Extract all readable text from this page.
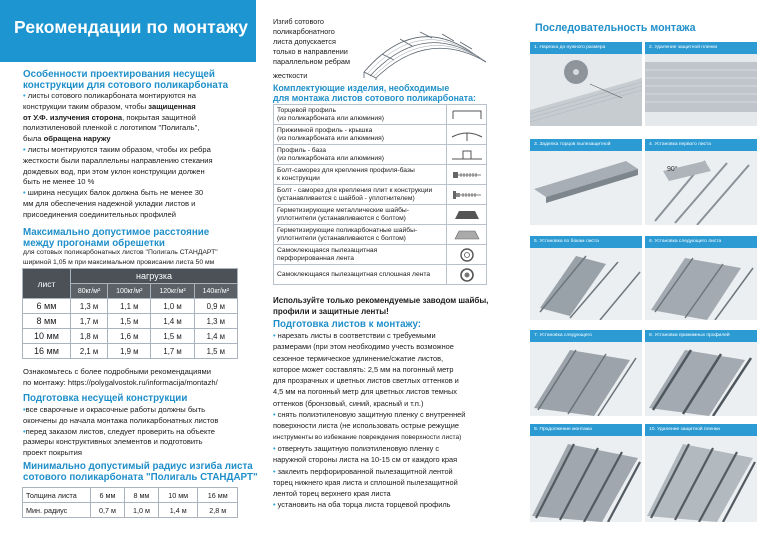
Рекомендации по монтажу
Особенности проектирования несущей
конструкции для сотового поликарбоната
• листы сотового поликарбоната монтируются на
конструкции таким образом, чтобы защищенная
от У.Ф. излучения сторона, покрытая защитной
полиэтиленовой пленкой с логотипом "Полигаль",
была обращена наружу
• листы монтируются таким образом, чтобы их ребра
жесткости были параллельны направлению стекания
дождевых вод, при этом уклон конструкции должен
быть не менее 10 %
• ширина несущих балок должна быть не менее 30
мм для обеспечения надежной укладки листов и
присоединения соединительных профилей
Максимально допустимое расстояние
между прогонами обрешетки
для сотовых поликарбонатных листов "Полигаль СТАНДАРТ"
шириной 1,05 м при максимальном провисании листа 50 мм
лист	нагрузка			
	80кг/м²	100кг/м²	120кг/м²	140кг/м²
6 мм	1,3 м	1,1 м	1,0 м	0,9 м
8 мм	1,7 м	1,5 м	1,4 м	1,3 м
10 мм	1,8 м	1,6 м	1,5 м	1,4 м
16 мм	2,1 м	1,9 м	1,7 м	1,5 м
Ознакомьтесь с более подробными рекомендациями
по монтажу: https://polygalvostok.ru/informacija/montazh/
Подготовка несущей конструкции
•все сварочные и окрасочные работы должны быть
окончены до начала монтажа поликарбонатных листов
•перед заказом листов, следует проверить на объекте
размеры конструктивных элементов и подготовить
проект покрытия
Минимально допустимый радиус изгиба листа
сотового поликарбоната "Полигаль СТАНДАРТ"
Толщина листа	6 мм	8 мм	10 мм	16 мм
Мин. радиус	0,7 м	1,0 м	1,4 м	2,8 м
Изгиб сотового
поликарбонатного
листа допускается
только в направлении
параллельном ребрам
жесткости
Комплектующие изделия, необходимые
для монтажа листов сотового поликарбоната:
Торцевой профиль
(из поликарбоната или алюминия)

Прижимной профиль - крышка
(из поликарбоната или алюминия)

Профиль - база
(из поликарбоната или алюминия)

Болт-саморез для крепления профиля-базы
к конструкции

Болт - саморез для крепления плит к конструкции
(устанавливается с шайбой - уплотнителем)

Герметизирующие металлические шайбы-
уплотнители (устанавливаются с болтом)

Герметизирующие поликарбонатные шайбы-
уплотнители (устанавливаются с болтом)

Самоклеющаяся пылезащитная
перфорированная лента

Самоклеющаяся пылезащитная сплошная лента

Используйте только рекомендуемые заводом шайбы,
профили и защитные ленты!
Подготовка листов к монтажу:
• нарезать листы в соответствии с требуемыми
размерами (при этом необходимо учесть возможное
сезонное термическое удлинение/сжатие листов,
которое может составлять: 2,5 мм на погонный метр
для прозрачных и цветных листов светлых оттенков и
4,5 мм на погонный метр для цветных листов темных
оттенков (бронзовый, синий, красный и т.п.)
• снять полиэтиленовую защитную пленку с внутренней
поверхности листа (не использовать острые режущие
инструменты во избежание повреждения поверхности листа)
• отвернуть защитную полиэтиленовую пленку с
наружной стороны листа на 10-15 см от каждого края
• заклеить перфорированной пылезащитной лентой
торец нижнего края листа и сплошной пылезащитной
лентой торец верхнего края листа
• установить на оба торца листа торцевой профиль
Последовательность монтажа
1. Нарезка до нужного размера	2. Удаление защитной пленки
3. Заделка торцов пылезащитной	4. Установка первого листа
90°
5. Установка по бокам листа	6. Установка следующего листа
7. Установка следующего	8. Установка прижимных профилей
9. Продолжение монтажа	10. Удаление защитной пленки
